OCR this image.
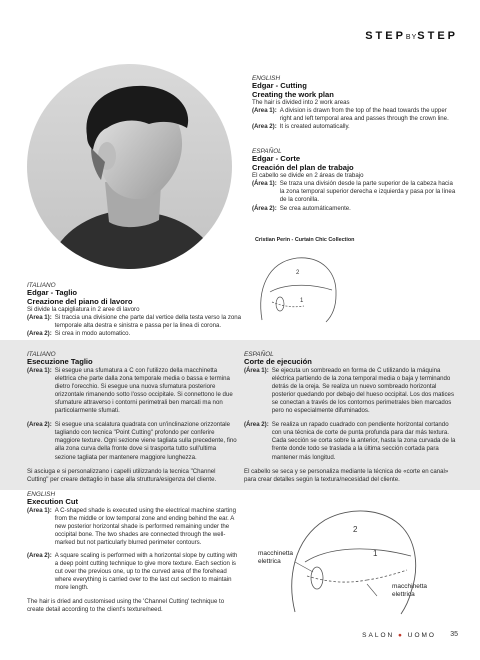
STEPBYSTEP
ENGLISH
Edgar - Cutting
Creating the work plan
The hair is divided into 2 work areas
(Area 1): A division is drawn from the top of the head towards the upper right and left temporal area and passes through the crown line.
(Area 2): It is created automatically.
ESPAÑOL
Edgar - Corte
Creación del plan de trabajo
El cabello se divide en 2 áreas de trabajo
(Área 1): Se traza una división desde la parte superior de la cabeza hacia la zona temporal superior derecha e izquierda y pasa por la línea de la coronilla.
(Área 2): Se crea automáticamente.
Cristian Perin - Curtain Chic Collection
2
1
ITALIANO
Edgar - Taglio
Creazione del piano di lavoro
Si divide la capigliatura in 2 aree di lavoro
(Area 1): Si traccia una divisione che parte dal vertice della testa verso la zona temporale alta destra e sinistra e passa per la linea di corona.
(Area 2): Si crea in modo automatico.
ITALIANO
Esecuzione Taglio
(Area 1): Si esegue una sfumatura a C con l'utilizzo della macchinetta elettrica che parte dalla zona temporale media o bassa e termina dietro l'orecchio. Si esegue una nuova sfumatura posteriore orizzontale rimanendo sotto l'osso occipitale. Si connettono le due sfumature attraverso i contorni perimetrali ben marcati ma non particolarmente sfumati.
(Area 2): Si esegue una scalatura quadrata con un'inclinazione orizzontale tagliando con tecnica "Point Cutting" profondo per conferire maggiore texture. Ogni sezione viene tagliata sulla precedente, fino alla zona curva della fronte dove si trasporta tutto sull'ultima sezione tagliata per mantenere maggiore lunghezza.
Si asciuga e si personalizzano i capelli utilizzando la tecnica "Channel Cutting" per creare dettaglio in base alla struttura/esigenza del cliente.
ESPAÑOL
Corte de ejecución
(Área 1): Se ejecuta un sombreado en forma de C utilizando la máquina eléctrica partiendo de la zona temporal media o baja y terminando detrás de la oreja. Se realiza un nuevo sombreado horizontal posterior quedando por debajo del hueso occipital. Los dos matices se conectan a través de los contornos perimetrales bien marcados pero no especialmente difuminados.
(Área 2): Se realiza un rapado cuadrado con pendiente horizontal cortando con una técnica de corte de punta profunda para dar más textura. Cada sección se corta sobre la anterior, hasta la zona curvada de la frente donde todo se traslada a la última sección cortada para mantener más longitud.
El cabello se seca y se personaliza mediante la técnica de «corte en canal» para crear detalles según la textura/necesidad del cliente.
ENGLISH
Execution Cut
(Area 1): A C-shaped shade is executed using the electrical machine starting from the middle or low temporal zone and ending behind the ear. A new posterior horizontal shade is performed remaining under the occipital bone. The two shades are connected through the well-marked but not particularly blurred perimeter contours.
(Area 2): A square scaling is performed with a horizontal slope by cutting with a deep point cutting technique to give more texture. Each section is cut over the previous one, up to the curved area of the forehead where everything is carried over to the last cut section to maintain more length.
The hair is dried and customised using the 'Channel Cutting' technique to create detail according to the client's texture/need.
2
1
macchinetta elettrica
macchinetta elettrica
SALON ● UOMO 35
